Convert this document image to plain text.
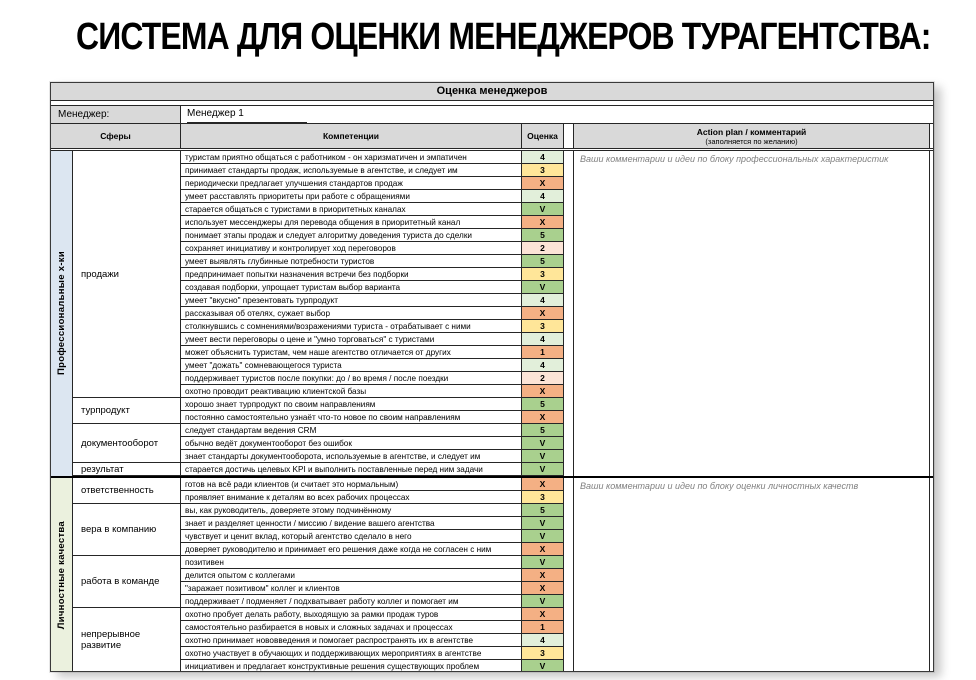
СИСТЕМА ДЛЯ ОЦЕНКИ МЕНЕДЖЕРОВ ТУРАГЕНТСТВА:
Оценка менеджеров
Менеджер:	Менеджер 1
Сферы	Компетенции	Оценка	Action plan / комментарий
(заполняется по желанию)
Профессиональные х-ки	продажи
туристам приятно общаться с работником - он харизматичен и эмпатичен	4
принимает стандарты продаж, используемые в агентстве, и следует им	3
периодически предлагает улучшения стандартов продаж	X
умеет расставлять приоритеты при работе с обращениями	4
старается общаться с туристами в приоритетных каналах	V
использует мессенджеры для перевода общения в приоритетный канал	X
понимает этапы продаж и следует алгоритму доведения туриста до сделки	5
сохраняет инициативу и контролирует ход переговоров	2
умеет выявлять глубинные потребности туристов	5
предпринимает попытки назначения встречи без подборки	3
создавая подборки, упрощает туристам выбор варианта	V
умеет "вкусно" презентовать турпродукт	4
рассказывая об отелях, сужает выбор	X
столкнувшись с сомнениями/возражениями туриста - отрабатывает с ними	3
умеет вести переговоры о цене и "умно торговаться" с туристами	4
может объяснить туристам, чем наше агентство отличается от других	1
умеет "дожать" сомневающегося туриста	4
поддерживает туристов после покупки: до / во время / после поездки	2
охотно проводит реактивацию клиентской базы	X
турпродукт
хорошо знает турпродукт по своим направлениям	5
постоянно самостоятельно узнаёт что-то новое по своим направлениям	X
документооборот
следует стандартам ведения CRM	5
обычно ведёт документооборот без ошибок	V
знает стандарты документооборота, используемые в агентстве, и следует им	V
результат	старается достичь целевых KPI и выполнить поставленные перед ним задачи	V
Ваши комментарии и идеи по блоку профессиональных характеристик
Личностные качества
ответственность
готов на всё ради клиентов (и считает это нормальным)	X
проявляет внимание к деталям во всех рабочих процессах	3
вера в компанию
вы, как руководитель, доверяете этому подчинённому	5
знает и разделяет ценности / миссию / видение вашего агентства	V
чувствует и ценит вклад, который агентство сделало в него	V
доверяет руководителю и принимает его решения даже когда не согласен с ним	X
работа в команде
позитивен	V
делится опытом с коллегами	X
"заражает позитивом" коллег и клиентов	X
поддерживает / подменяет / подхватывает работу коллег и помогает им	V
непрерывное развитие
охотно пробует делать работу, выходящую за рамки продаж туров	X
самостоятельно разбирается в новых и сложных задачах и процессах	1
охотно принимает нововведения и помогает распространять их в агентстве	4
охотно участвует в обучающих и поддерживающих мероприятиях в агентстве	3
инициативен и предлагает конструктивные решения существующих проблем	V
Ваши комментарии и идеи по блоку оценки личностных качеств
